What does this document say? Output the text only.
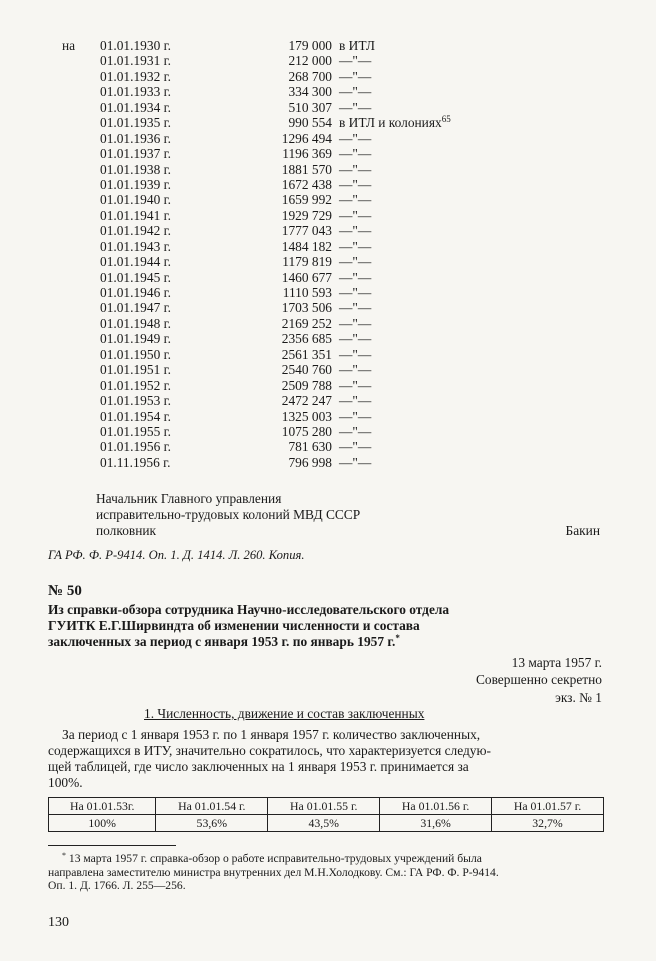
на	01.01.1930 г.	179 000 в ИТЛ
01.01.1931 г.	212 000 —"—
01.01.1932 г.	268 700 —"—
01.01.1933 г.	334 300 —"—
01.01.1934 г.	510 307 —"—
01.01.1935 г.	990 554 в ИТЛ и колониях$^{65}$
01.01.1936 г.	1296 494 —"—
01.01.1937 г.	1196 369 —"—
01.01.1938 г.	1881 570 —"—
01.01.1939 г.	1672 438 —"—
01.01.1940 г.	1659 992 —"—
01.01.1941 г.	1929 729 —"—
01.01.1942 г.	1777 043 —"—
01.01.1943 г.	1484 182 —"—
01.01.1944 г.	1179 819 —"—
01.01.1945 г.	1460 677 —"—
01.01.1946 г.	1110 593 —"—
01.01.1947 г.	1703 506 —"—
01.01.1948 г.	2169 252 —"—
01.01.1949 г.	2356 685 —"—
01.01.1950 г.	2561 351 —"—
01.01.1951 г.	2540 760 —"—
01.01.1952 г.	2509 788 —"—
01.01.1953 г.	2472 247 —"—
01.01.1954 г.	1325 003 —"—
01.01.1955 г.	1075 280 —"—
01.01.1956 г.	781 630 —"—
01.11.1956 г.	796 998 —"—
Начальник Главного управления
исправительно-трудовых колоний МВД СССР
полковник	Бакин
ГА РФ. Ф. Р-9414. Оп. 1. Д. 1414. Л. 260. Копия.
№ 50
Из справки-обзора сотрудника Научно-исследовательского отдела
ГУИТК Е.Г.Ширвиндта об изменении численности и состава
заключенных за период с января 1953 г. по январь 1957 г.*
13 марта 1957 г.
Совершенно секретно
экз. № 1
1. Численность, движение и состав заключенных
За период с 1 января 1953 г. по 1 января 1957 г. количество заключенных,
содержащихся в ИТУ, значительно сократилось, что характеризуется следую-
щей таблицей, где число заключенных на 1 января 1953 г. принимается за
100%.
На 01.01.53г.	На 01.01.54 г.	На 01.01.55 г.	На 01.01.56 г.	На 01.01.57 г.
100%	53,6%	43,5%	31,6%	32,7%
* 13 марта 1957 г. справка-обзор о работе исправительно-трудовых учреждений была
направлена заместителю министра внутренних дел М.Н.Холодкову. См.: ГА РФ. Ф. Р-9414.
Оп. 1. Д. 1766. Л. 255—256.
130
